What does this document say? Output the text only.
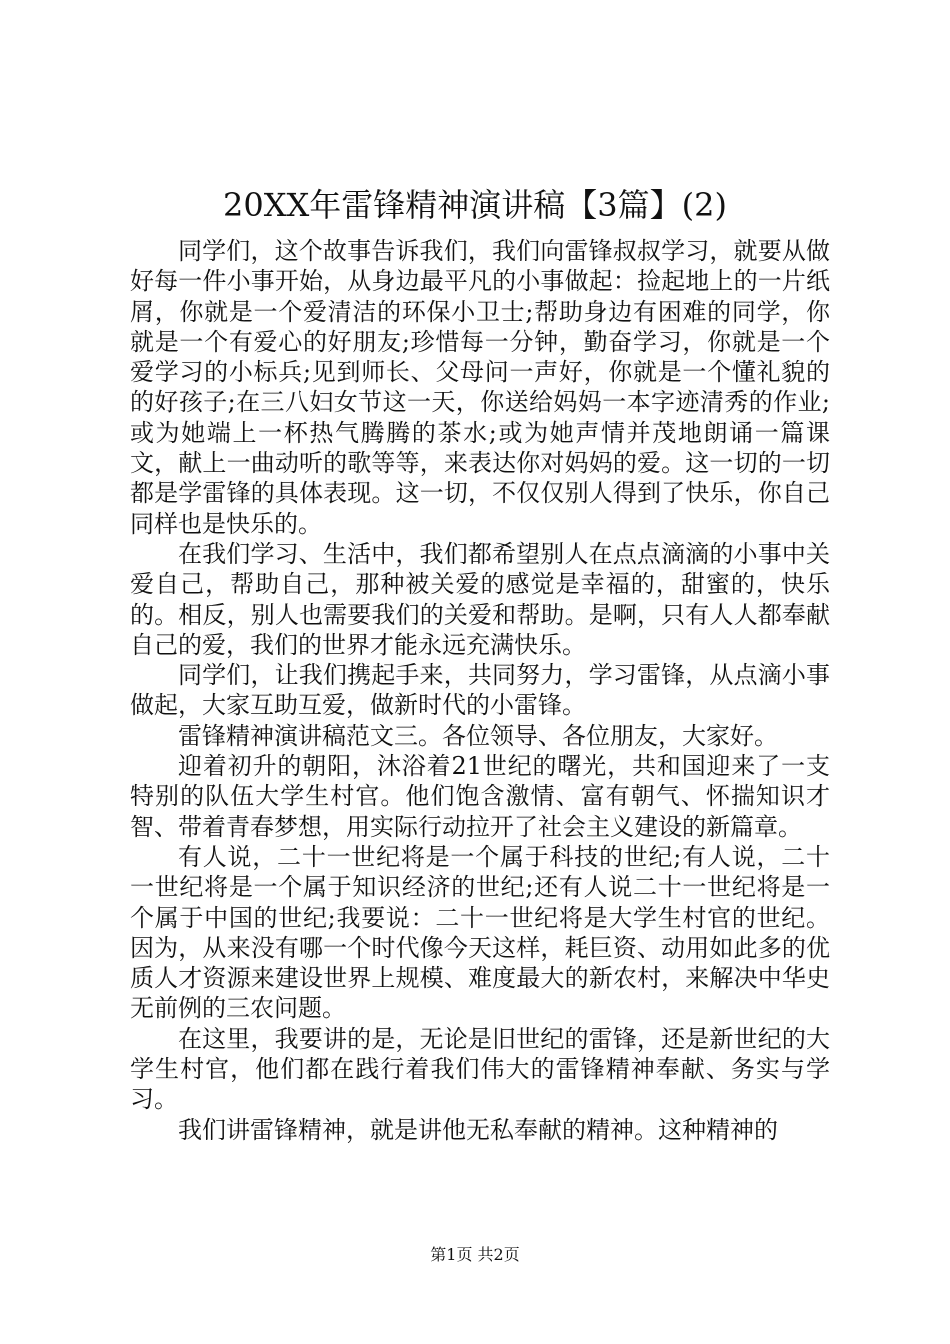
20XX年雷锋精神演讲稿【3篇】(2)

同学们，这个故事告诉我们，我们向雷锋叔叔学习，就要从做好每一件小事开始，从身边最平凡的小事做起：捡起地上的一片纸屑，你就是一个爱清洁的环保小卫士;帮助身边有困难的同学，你就是一个有爱心的好朋友;珍惜每一分钟，勤奋学习，你就是一个爱学习的小标兵;见到师长、父母问一声好，你就是一个懂礼貌的的好孩子;在三八妇女节这一天，你送给妈妈一本字迹清秀的作业;或为她端上一杯热气腾腾的茶水;或为她声情并茂地朗诵一篇课文，献上一曲动听的歌等等，来表达你对妈妈的爱。这一切的一切都是学雷锋的具体表现。这一切，不仅仅别人得到了快乐，你自己同样也是快乐的。

在我们学习、生活中，我们都希望别人在点点滴滴的小事中关爱自己，帮助自己，那种被关爱的感觉是幸福的，甜蜜的，快乐的。相反，别人也需要我们的关爱和帮助。是啊，只有人人都奉献自己的爱，我们的世界才能永远充满快乐。

同学们，让我们携起手来，共同努力，学习雷锋，从点滴小事做起，大家互助互爱，做新时代的小雷锋。

雷锋精神演讲稿范文三。各位领导、各位朋友，大家好。

迎着初升的朝阳，沐浴着21世纪的曙光，共和国迎来了一支特别的队伍大学生村官。他们饱含激情、富有朝气、怀揣知识才智、带着青春梦想，用实际行动拉开了社会主义建设的新篇章。

有人说，二十一世纪将是一个属于科技的世纪;有人说，二十一世纪将是一个属于知识经济的世纪;还有人说二十一世纪将是一个属于中国的世纪;我要说：二十一世纪将是大学生村官的世纪。因为，从来没有哪一个时代像今天这样，耗巨资、动用如此多的优质人才资源来建设世界上规模、难度最大的新农村，来解决中华史无前例的三农问题。

在这里，我要讲的是，无论是旧世纪的雷锋，还是新世纪的大学生村官，他们都在践行着我们伟大的雷锋精神奉献、务实与学习。

我们讲雷锋精神，就是讲他无私奉献的精神。这种精神的

第1页 共2页
